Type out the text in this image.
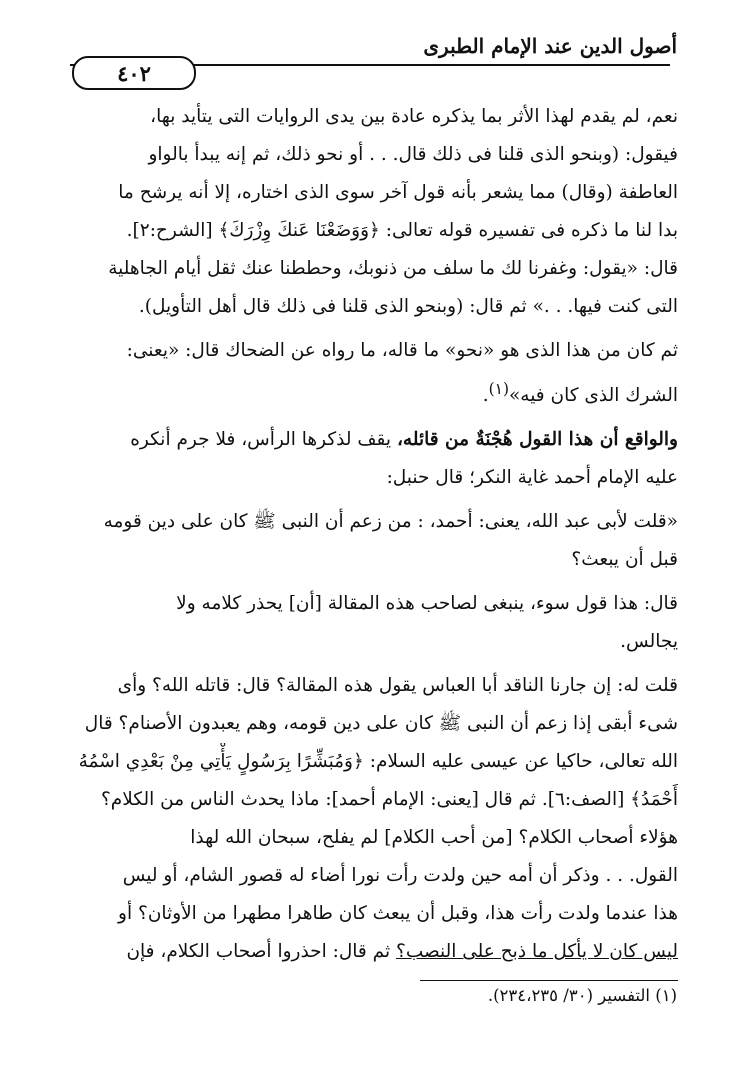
أصول الدين عند الإمام الطبرى
٤٠٢
نعم، لم يقدم لهذا الأثر بما يذكره عادة بين يدى الروايات التى يتأيد بها،
فيقول: (وبنحو الذى قلنا فى ذلك قال. . . أو نحو ذلك، ثم إنه يبدأ بالواو
العاطفة (وقال) مما يشعر بأنه قول آخر سوى الذى اختاره، إلا أنه يرشح ما
بدا لنا ما ذكره فى تفسيره قوله تعالى: ﴿وَوَضَعْنَا عَنكَ وِزْرَكَ﴾ [الشرح:٢].
قال: «يقول: وغفرنا لك ما سلف من ذنوبك، وحططنا عنك ثقل أيام الجاهلية
التى كنت فيها. . .» ثم قال: (وبنحو الذى قلنا فى ذلك قال أهل التأويل).
ثم كان من هذا الذى هو «نحو» ما قاله، ما رواه عن الضحاك قال: «يعنى:
الشرك الذى كان فيه»$^{(١)}$.
والواقع أن هذا القول هُجْنَةٌ من قائله، يقف لذكرها الرأس، فلا جرم أنكره
عليه الإمام أحمد غاية النكر؛ قال حنبل:
«قلت لأبى عبد الله، يعنى: أحمد، : من زعم أن النبى ﷺ كان على دين قومه
قبل أن يبعث؟
قال: هذا قول سوء، ينبغى لصاحب هذه المقالة [أن] يحذر كلامه ولا
يجالس.
قلت له: إن جارنا الناقد أبا العباس يقول هذه المقالة؟ قال: قاتله الله؟ وأى
شىء أبقى إذا زعم أن النبى ﷺ كان على دين قومه، وهم يعبدون الأصنام؟ قال
الله تعالى، حاكيا عن عيسى عليه السلام: ﴿وَمُبَشِّرًا بِرَسُولٍ يَأْتِي مِنْ بَعْدِي اسْمُهُ
أَحْمَدُ﴾ [الصف:٦]. ثم قال [يعنى: الإمام أحمد]: ماذا يحدث الناس من الكلام؟
هؤلاء أصحاب الكلام؟ [من أحب الكلام] لم يفلح، سبحان الله لهذا
القول. . . وذكر أن أمه حين ولدت رأت نورا أضاء له قصور الشام، أو ليس
هذا عندما ولدت رأت هذا، وقبل أن يبعث كان طاهرا مطهرا من الأوثان؟ أو
ليس كان لا يأكل ما ذبح على النصب؟ ثم قال: احذروا أصحاب الكلام، فإن
(١) التفسير (٣٠/ ٢٣٤،٢٣٥).
